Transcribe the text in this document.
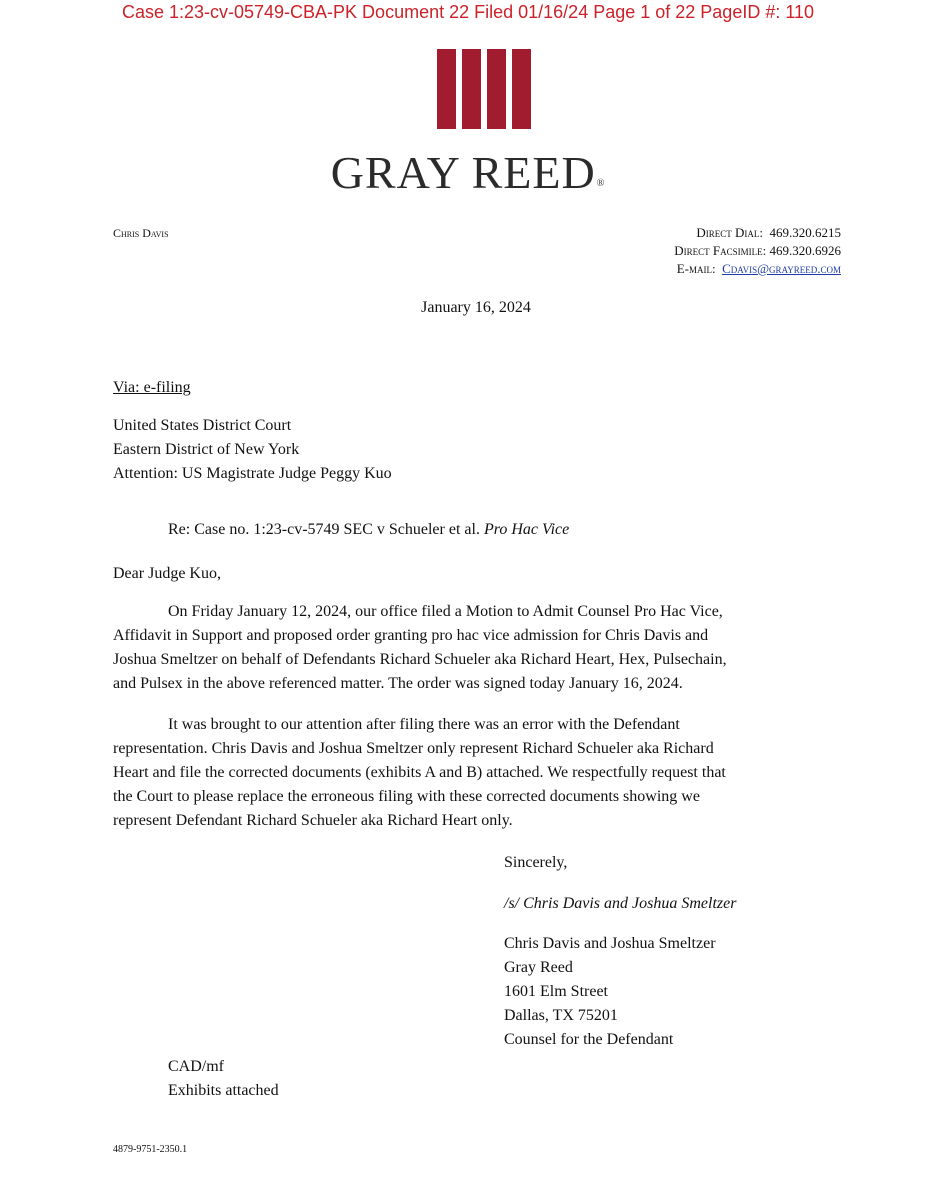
Case 1:23-cv-05749-CBA-PK Document 22 Filed 01/16/24 Page 1 of 22 PageID #: 110
GRAY REED®
Chris Davis	Direct Dial: 469.320.6215
Direct Facsimile: 469.320.6926
E-mail: Cdavis@grayreed.com
January 16, 2024
Via: e-filing
United States District Court
Eastern District of New York
Attention: US Magistrate Judge Peggy Kuo
Re: Case no. 1:23-cv-5749 SEC v Schueler et al. Pro Hac Vice
Dear Judge Kuo,
On Friday January 12, 2024, our office filed a Motion to Admit Counsel Pro Hac Vice,
Affidavit in Support and proposed order granting pro hac vice admission for Chris Davis and
Joshua Smeltzer on behalf of Defendants Richard Schueler aka Richard Heart, Hex, Pulsechain,
and Pulsex in the above referenced matter. The order was signed today January 16, 2024.
It was brought to our attention after filing there was an error with the Defendant
representation. Chris Davis and Joshua Smeltzer only represent Richard Schueler aka Richard
Heart and file the corrected documents (exhibits A and B) attached. We respectfully request that
the Court to please replace the erroneous filing with these corrected documents showing we
represent Defendant Richard Schueler aka Richard Heart only.
Sincerely,
/s/ Chris Davis and Joshua Smeltzer
Chris Davis and Joshua Smeltzer
Gray Reed
1601 Elm Street
Dallas, TX 75201
Counsel for the Defendant
CAD/mf
Exhibits attached
4879-9751-2350.1
